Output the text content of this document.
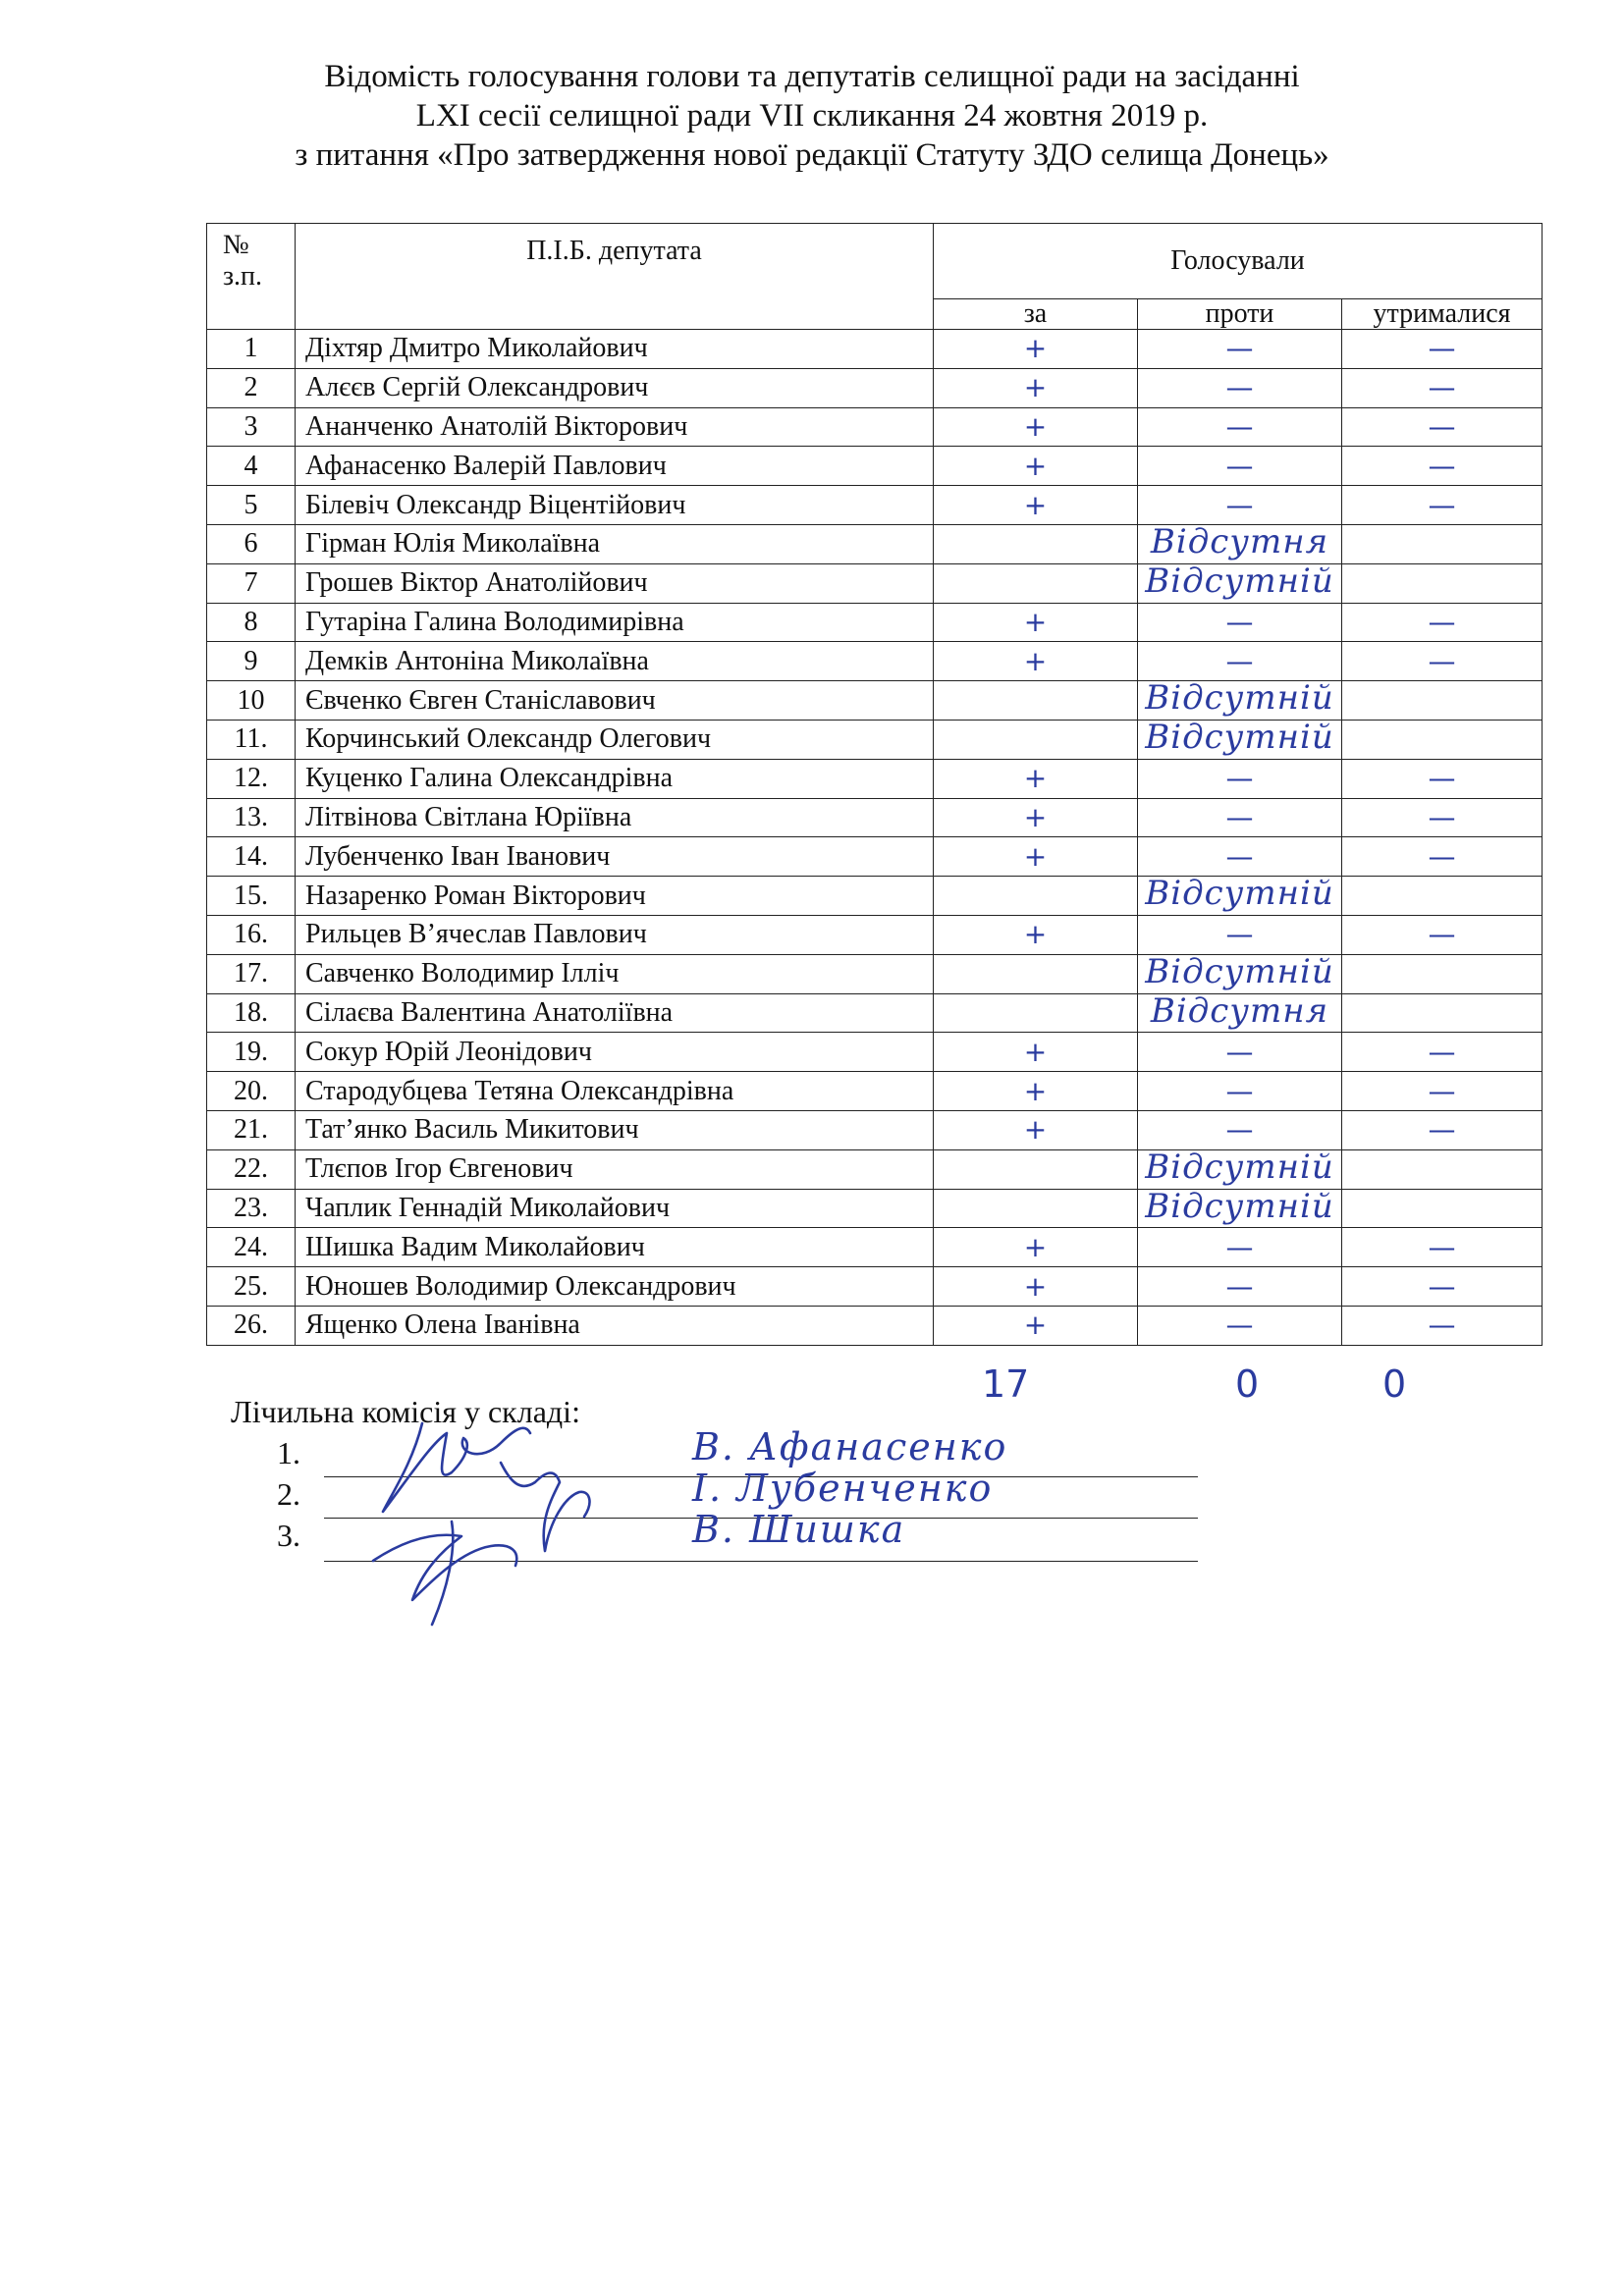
Відомість голосування голови та депутатів селищної ради на засіданні
LXI сесії селищної ради VII скликання 24 жовтня 2019 р.
з питання «Про затвердження нової редакції Статуту ЗДО селища Донець»
№ з.п.	П.І.Б. депутата	Голосували		
		за	проти	утрималися
1	Діхтяр Дмитро Миколайович	+	—	—
2	Алєєв Сергій Олександрович	+	—	—
3	Ананченко Анатолій Вікторович	+	—	—
4	Афанасенко Валерій Павлович	+	—	—
5	Білевіч Олександр Віцентійович	+	—	—
6	Гірман Юлія Миколаївна		Відсутня	

7	Грошев Віктор Анатолійович		Відсутній	

8	Гутаріна Галина Володимирівна	+	—	—
9	Демків Антоніна Миколаївна	+	—	—
10	Євченко Євген Станіславович		Відсутній	

11.	Корчинський Олександр Олегович		Відсутній	

12.	Куценко Галина Олександрівна	+	—	—
13.	Літвінова Світлана Юріївна	+	—	—
14.	Лубенченко Іван Іванович	+	—	—
15.	Назаренко Роман Вікторович		Відсутній	

16.	Рильцев В’ячеслав Павлович	+	—	—
17.	Савченко Володимир Ілліч		Відсутній	

18.	Сілаєва Валентина Анатоліївна		Відсутня	

19.	Сокур Юрій Леонідович	+	—	—
20.	Стародубцева Тетяна Олександрівна	+	—	—
21.	Тат’янко Василь Микитович	+	—	—
22.	Тлєпов Ігор Євгенович		Відсутній	

23.	Чаплик Геннадій Миколайович		Відсутній	

24.	Шишка Вадим Миколайович	+	—	—
25.	Юношев Володимир Олександрович	+	—	—
26.	Ященко Олена Іванівна	+	—	—
17	0	0
Лічильна комісія у складі:
1.	В. Афанасенко
2.	І. Лубенченко
3.	В. Шишка
